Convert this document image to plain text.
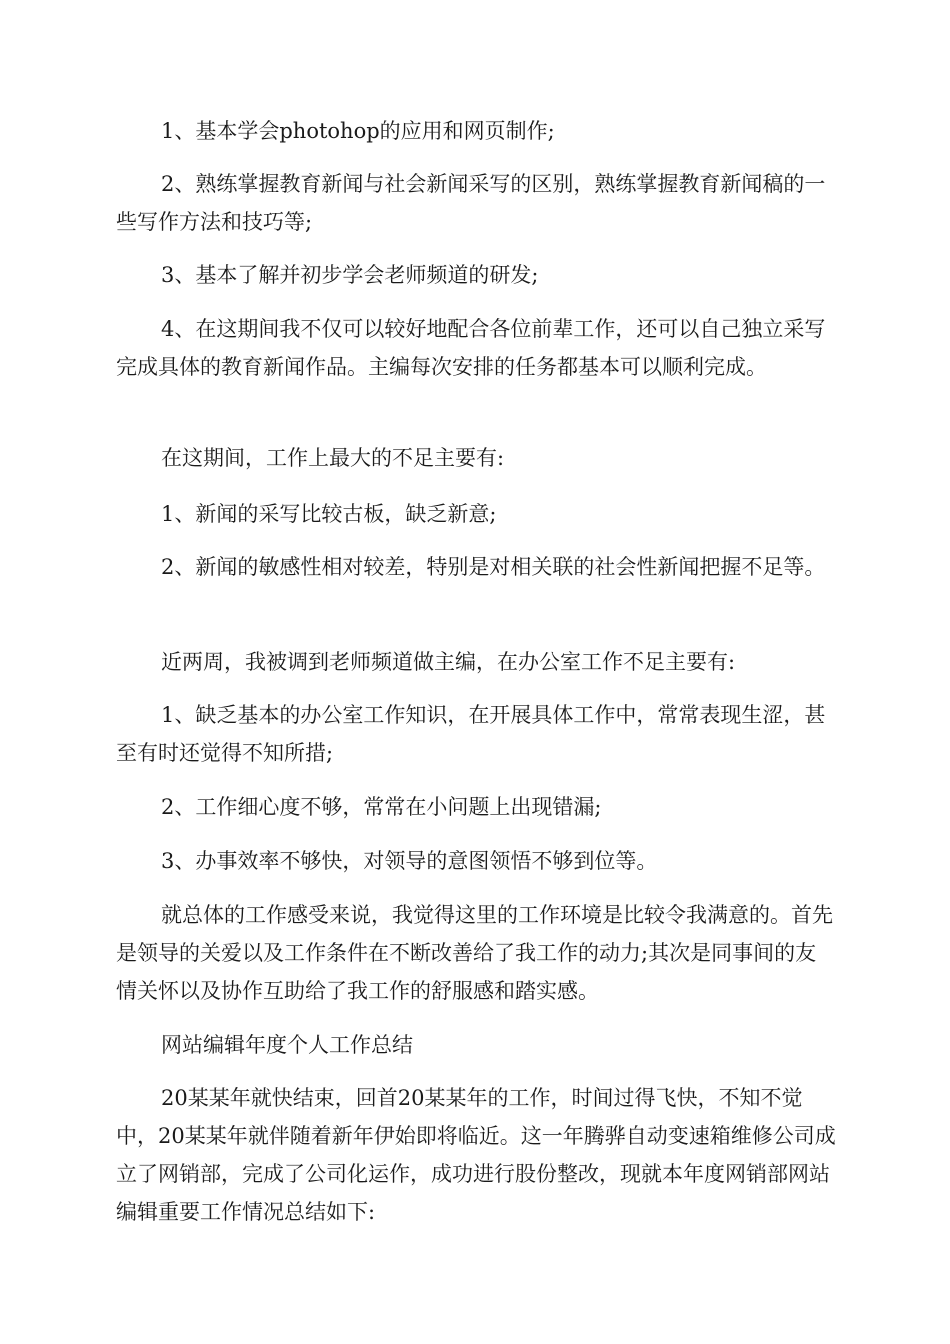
1、基本学会photohop的应用和网页制作;

2、熟练掌握教育新闻与社会新闻采写的区别，熟练掌握教育新闻稿的一些写作方法和技巧等;

3、基本了解并初步学会老师频道的研发;

4、在这期间我不仅可以较好地配合各位前辈工作，还可以自己独立采写完成具体的教育新闻作品。主编每次安排的任务都基本可以顺利完成。

在这期间，工作上最大的不足主要有:

1、新闻的采写比较古板，缺乏新意;

2、新闻的敏感性相对较差，特别是对相关联的社会性新闻把握不足等。

近两周，我被调到老师频道做主编，在办公室工作不足主要有:

1、缺乏基本的办公室工作知识，在开展具体工作中，常常表现生涩，甚至有时还觉得不知所措;

2、工作细心度不够，常常在小问题上出现错漏;

3、办事效率不够快，对领导的意图领悟不够到位等。

就总体的工作感受来说，我觉得这里的工作环境是比较令我满意的。首先是领导的关爱以及工作条件在不断改善给了我工作的动力;其次是同事间的友情关怀以及协作互助给了我工作的舒服感和踏实感。

网站编辑年度个人工作总结

20某某年就快结束，回首20某某年的工作，时间过得飞快，不知不觉中，20某某年就伴随着新年伊始即将临近。这一年腾骅自动变速箱维修公司成立了网销部，完成了公司化运作，成功进行股份整改，现就本年度网销部网站编辑重要工作情况总结如下:
